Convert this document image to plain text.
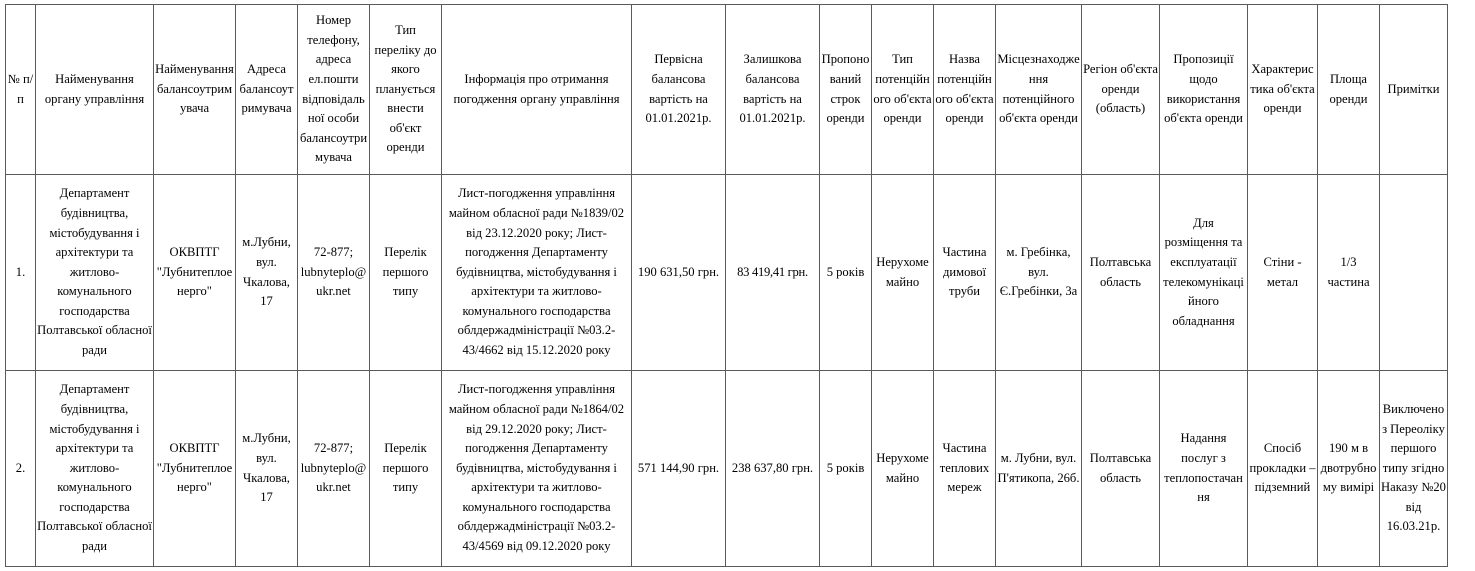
№ п/п	Найменування органу управління	Найменування балансоутримувача	Адреса балансоутримувача	Номер телефону, адреса ел.пошти відповідальної особи балансоутримувача	Тип переліку до якого планується внести об'єкт оренди	Інформація про отримання погодження органу управління	Первісна балансова вартість на 01.01.2021р.	Залишкова балансова вартість на 01.01.2021р.	Пропонований строк оренди	Тип потенційного об'єкта оренди	Назва потенційного об'єкта оренди	Місцезнаходження потенційного об'єкта оренди	Регіон об'єкта оренди (область)	Пропозиції щодо використання об'єкта оренди	Характеристика об'єкта оренди	Площа оренди	Примітки
1.	Департамент будівництва, містобудування і архітектури та житлово-комунального господарства Полтавської обласної ради	ОКВПТГ "Лубнитеплоенерго"	м.Лубни, вул. Чкалова, 17	72-877; lubnyteplo@ukr.net	Перелік першого типу	Лист-погодження управління майном обласної ради №1839/02 від 23.12.2020 року; Лист-погодження Департаменту будівництва, містобудування і архітектури та житлово-комунального господарства облдержадміністрації №03.2-43/4662 від 15.12.2020 року	190 631,50 грн.	83 419,41 грн.	5 років	Нерухоме майно	Частина димової труби	м. Гребінка, вул. Є.Гребінки, 3а	Полтавська область	Для розміщення та експлуатації телекомунікаційного обладнання	Стіни - метал	1/3 частина	
2.	Департамент будівництва, містобудування і архітектури та житлово-комунального господарства Полтавської обласної ради	ОКВПТГ "Лубнитеплоенерго"	м.Лубни, вул. Чкалова, 17	72-877; lubnyteplo@ukr.net	Перелік першого типу	Лист-погодження управління майном обласної ради №1864/02 від 29.12.2020 року; Лист-погодження Департаменту будівництва, містобудування і архітектури та житлово-комунального господарства облдержадміністрації №03.2-43/4569 від 09.12.2020 року	571 144,90 грн.	238 637,80 грн.	5 років	Нерухоме майно	Частина теплових мереж	м. Лубни, вул. П'ятикопа, 26б.	Полтавська область	Надання послуг з теплопостачання	Спосіб прокладки – підземний	190 м в двотрубному вимірі	Виключено з Переоліку першого типу згідно Наказу №20 від 16.03.21р.
